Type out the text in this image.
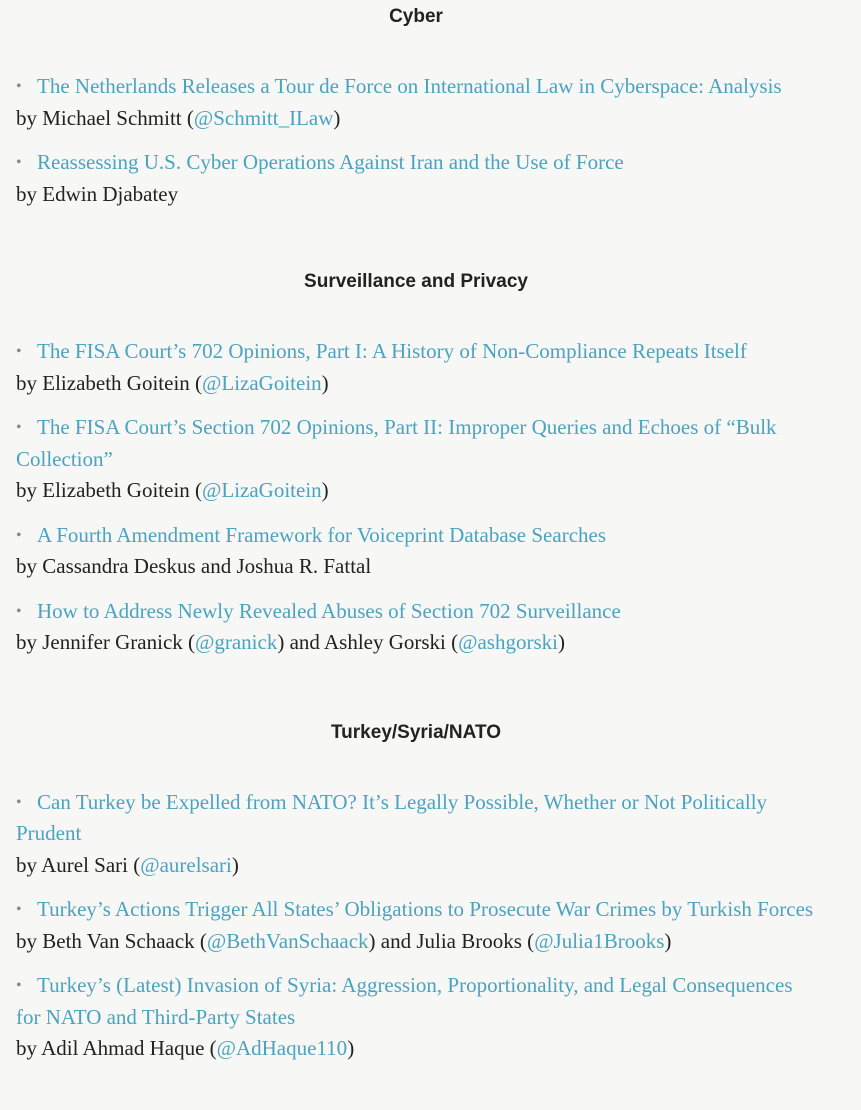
Cyber
• The Netherlands Releases a Tour de Force on International Law in Cyberspace: Analysis
by Michael Schmitt (@Schmitt_ILaw)
• Reassessing U.S. Cyber Operations Against Iran and the Use of Force
by Edwin Djabatey
Surveillance and Privacy
• The FISA Court’s 702 Opinions, Part I: A History of Non-Compliance Repeats Itself
by Elizabeth Goitein (@LizaGoitein)
• The FISA Court’s Section 702 Opinions, Part II: Improper Queries and Echoes of “Bulk Collection”
by Elizabeth Goitein (@LizaGoitein)
• A Fourth Amendment Framework for Voiceprint Database Searches
by Cassandra Deskus and Joshua R. Fattal
• How to Address Newly Revealed Abuses of Section 702 Surveillance
by Jennifer Granick (@granick) and Ashley Gorski (@ashgorski)
Turkey/Syria/NATO
• Can Turkey be Expelled from NATO? It’s Legally Possible, Whether or Not Politically Prudent
by Aurel Sari (@aurelsari)
• Turkey’s Actions Trigger All States’ Obligations to Prosecute War Crimes by Turkish Forces
by Beth Van Schaack (@BethVanSchaack) and Julia Brooks (@Julia1Brooks)
• Turkey’s (Latest) Invasion of Syria: Aggression, Proportionality, and Legal Consequences for NATO and Third-Party States
by Adil Ahmad Haque (@AdHaque110)
